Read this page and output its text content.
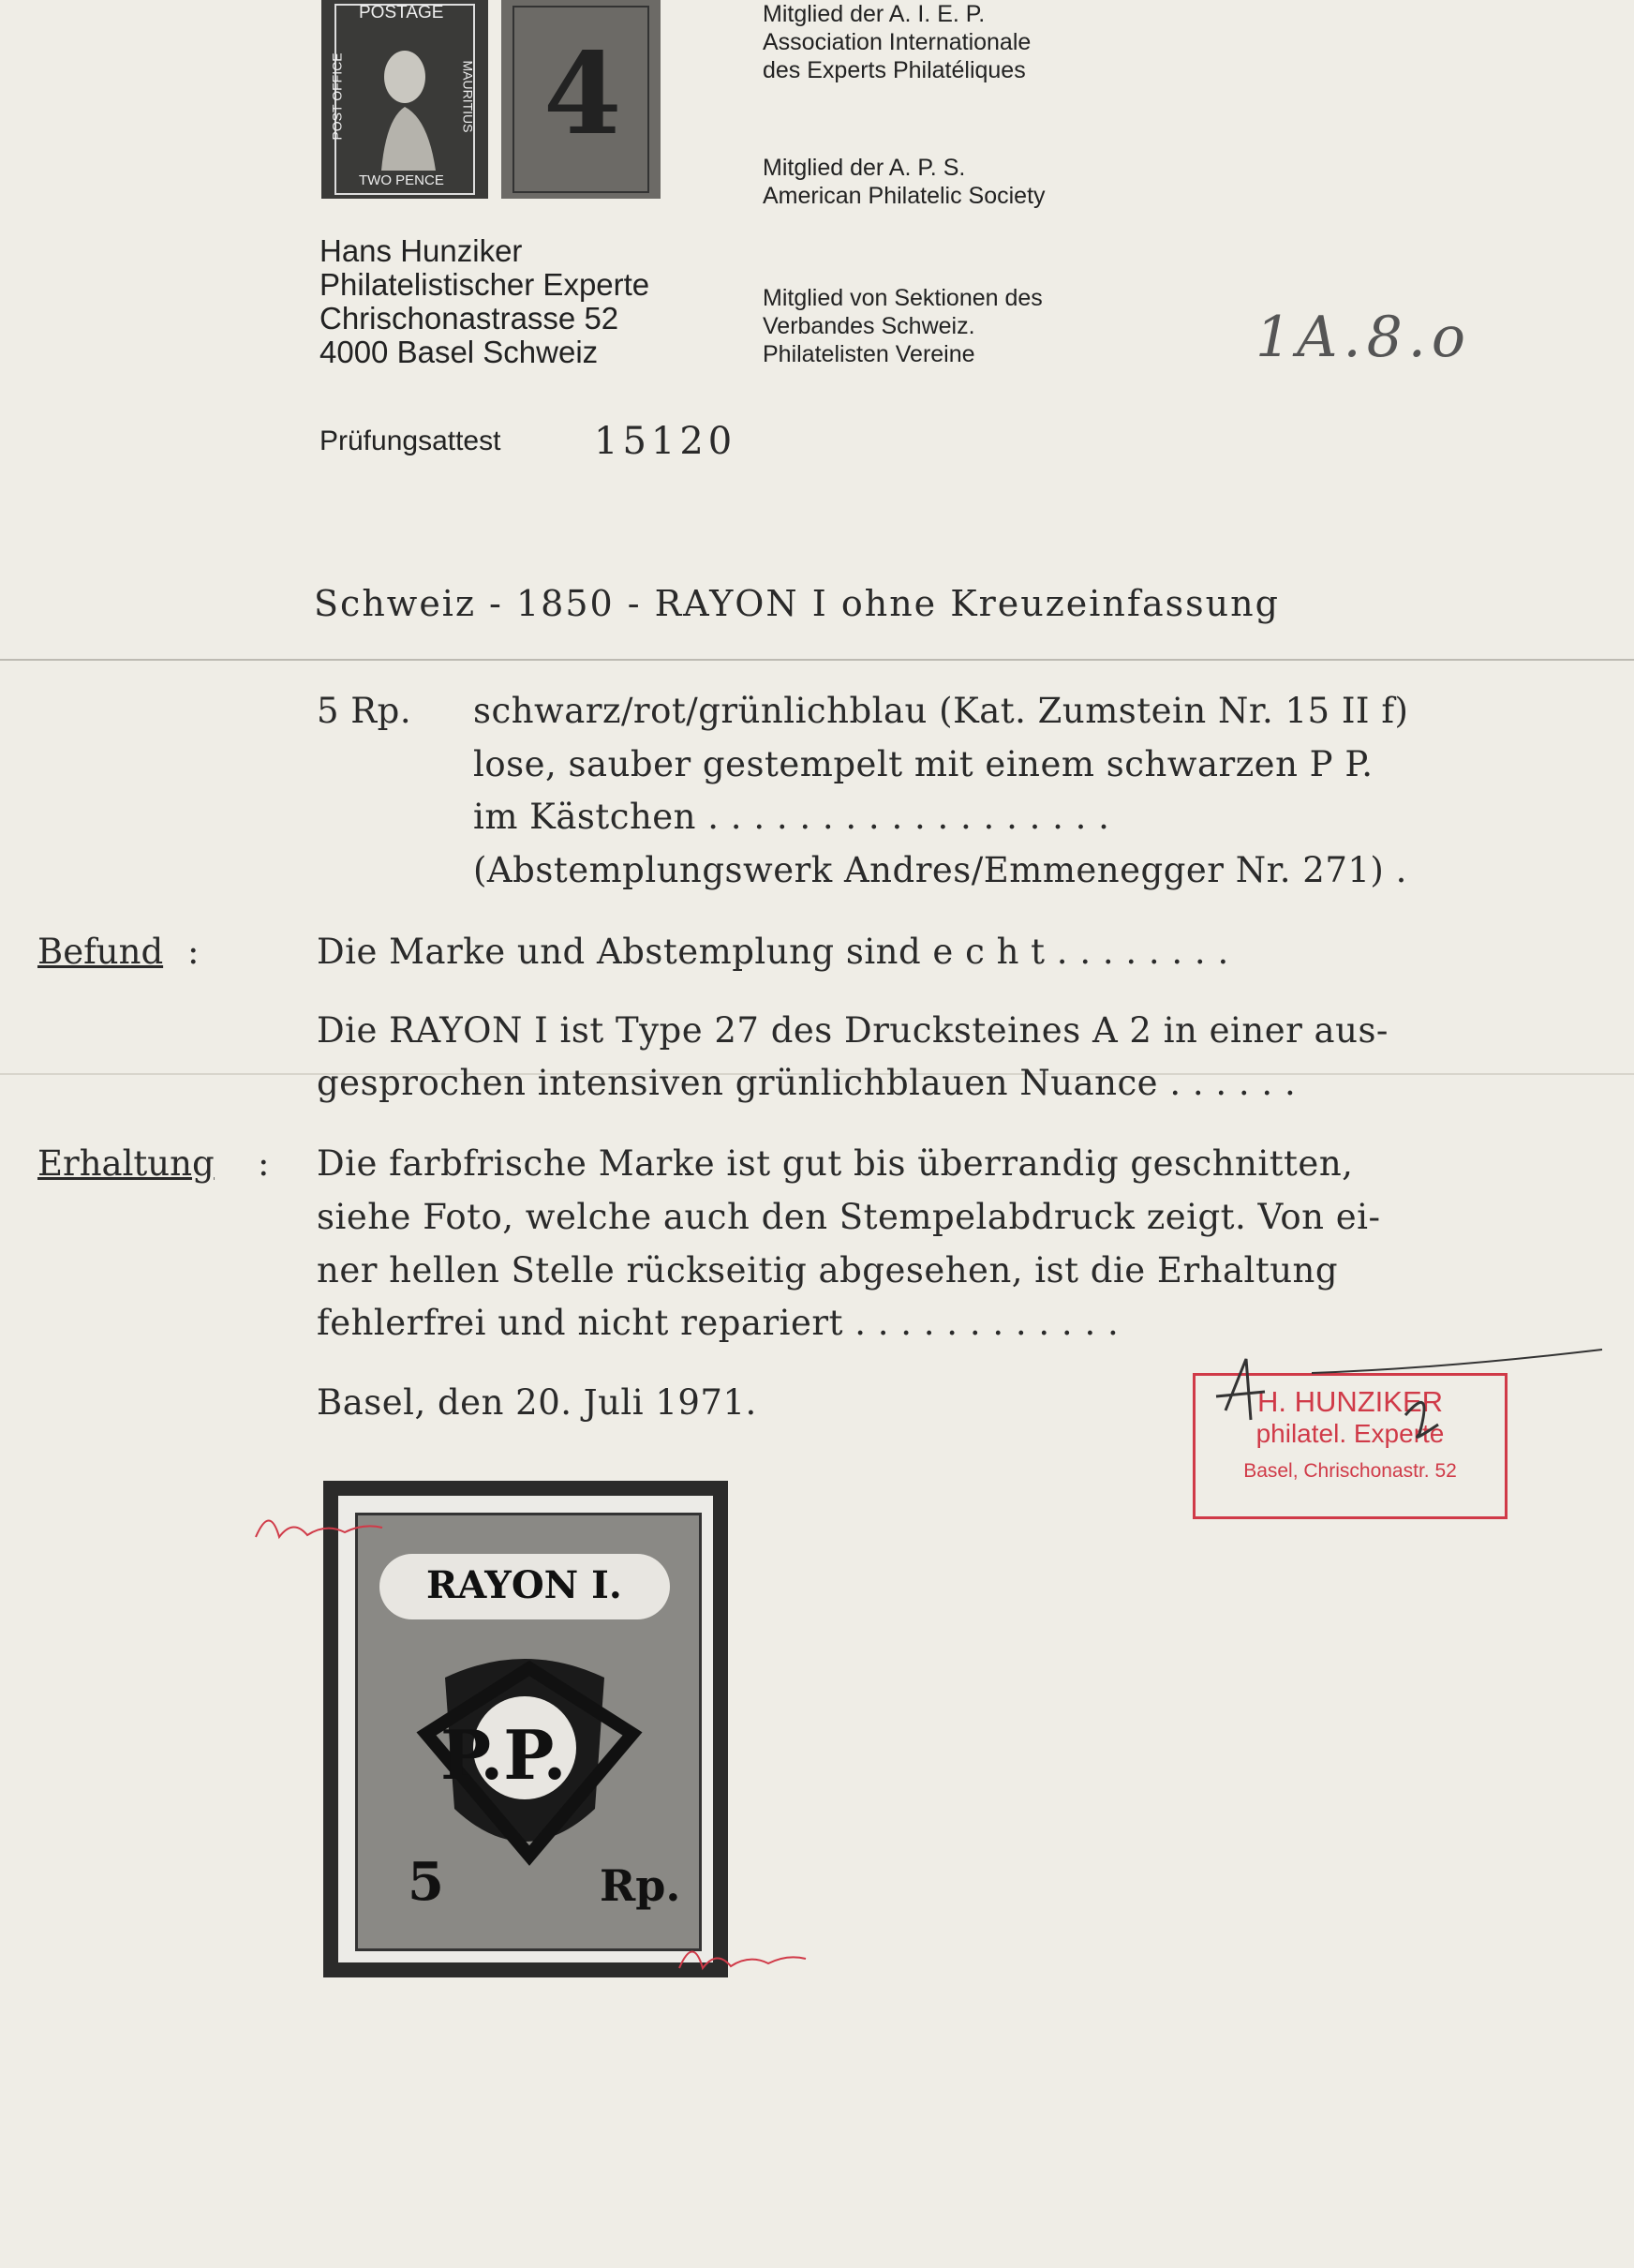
POSTAGE
TWO PENCE
POST OFFICE	MAURITIUS 4
Mitglied der A. I. E. P.
Association Internationale
des Experts Philatéliques
Mitglied der A. P. S.
American Philatelic Society
Mitglied von Sektionen des
Verbandes Schweiz.
Philatelisten Vereine
Hans Hunziker
Philatelistischer Experte
Chrischonastrasse 52
4000 Basel Schweiz	1A.8.o
Prüfungsattest 15120
Schweiz - 1850 - RAYON I ohne Kreuzeinfassung
5 Rp. schwarz/rot/grünlichblau (Kat. Zumstein Nr. 15 II f)
lose, sauber gestempelt mit einem schwarzen P P.
im Kästchen . . . . . . . . . . . . . . . . . .
(Abstemplungswerk Andres/Emmenegger Nr. 271) .
Befund :	Die Marke und Abstemplung sind e c h t . . . . . . . .
Die RAYON I ist Type 27 des Drucksteines A 2 in einer aus-
gesprochen intensiven grünlichblauen Nuance . . . . . .
Erhaltung : Die farbfrische Marke ist gut bis überrandig geschnitten,
siehe Foto, welche auch den Stempelabdruck zeigt. Von ei-
ner hellen Stelle rückseitig abgesehen, ist die Erhaltung
fehlerfrei und nicht repariert . . . . . . . . . . . .
Basel, den 20. Juli 1971.	H. HUNZIKER
philatel. Experte
Basel, Chrischonastr. 52
RAYON I.
P.P.
5	Rp.
